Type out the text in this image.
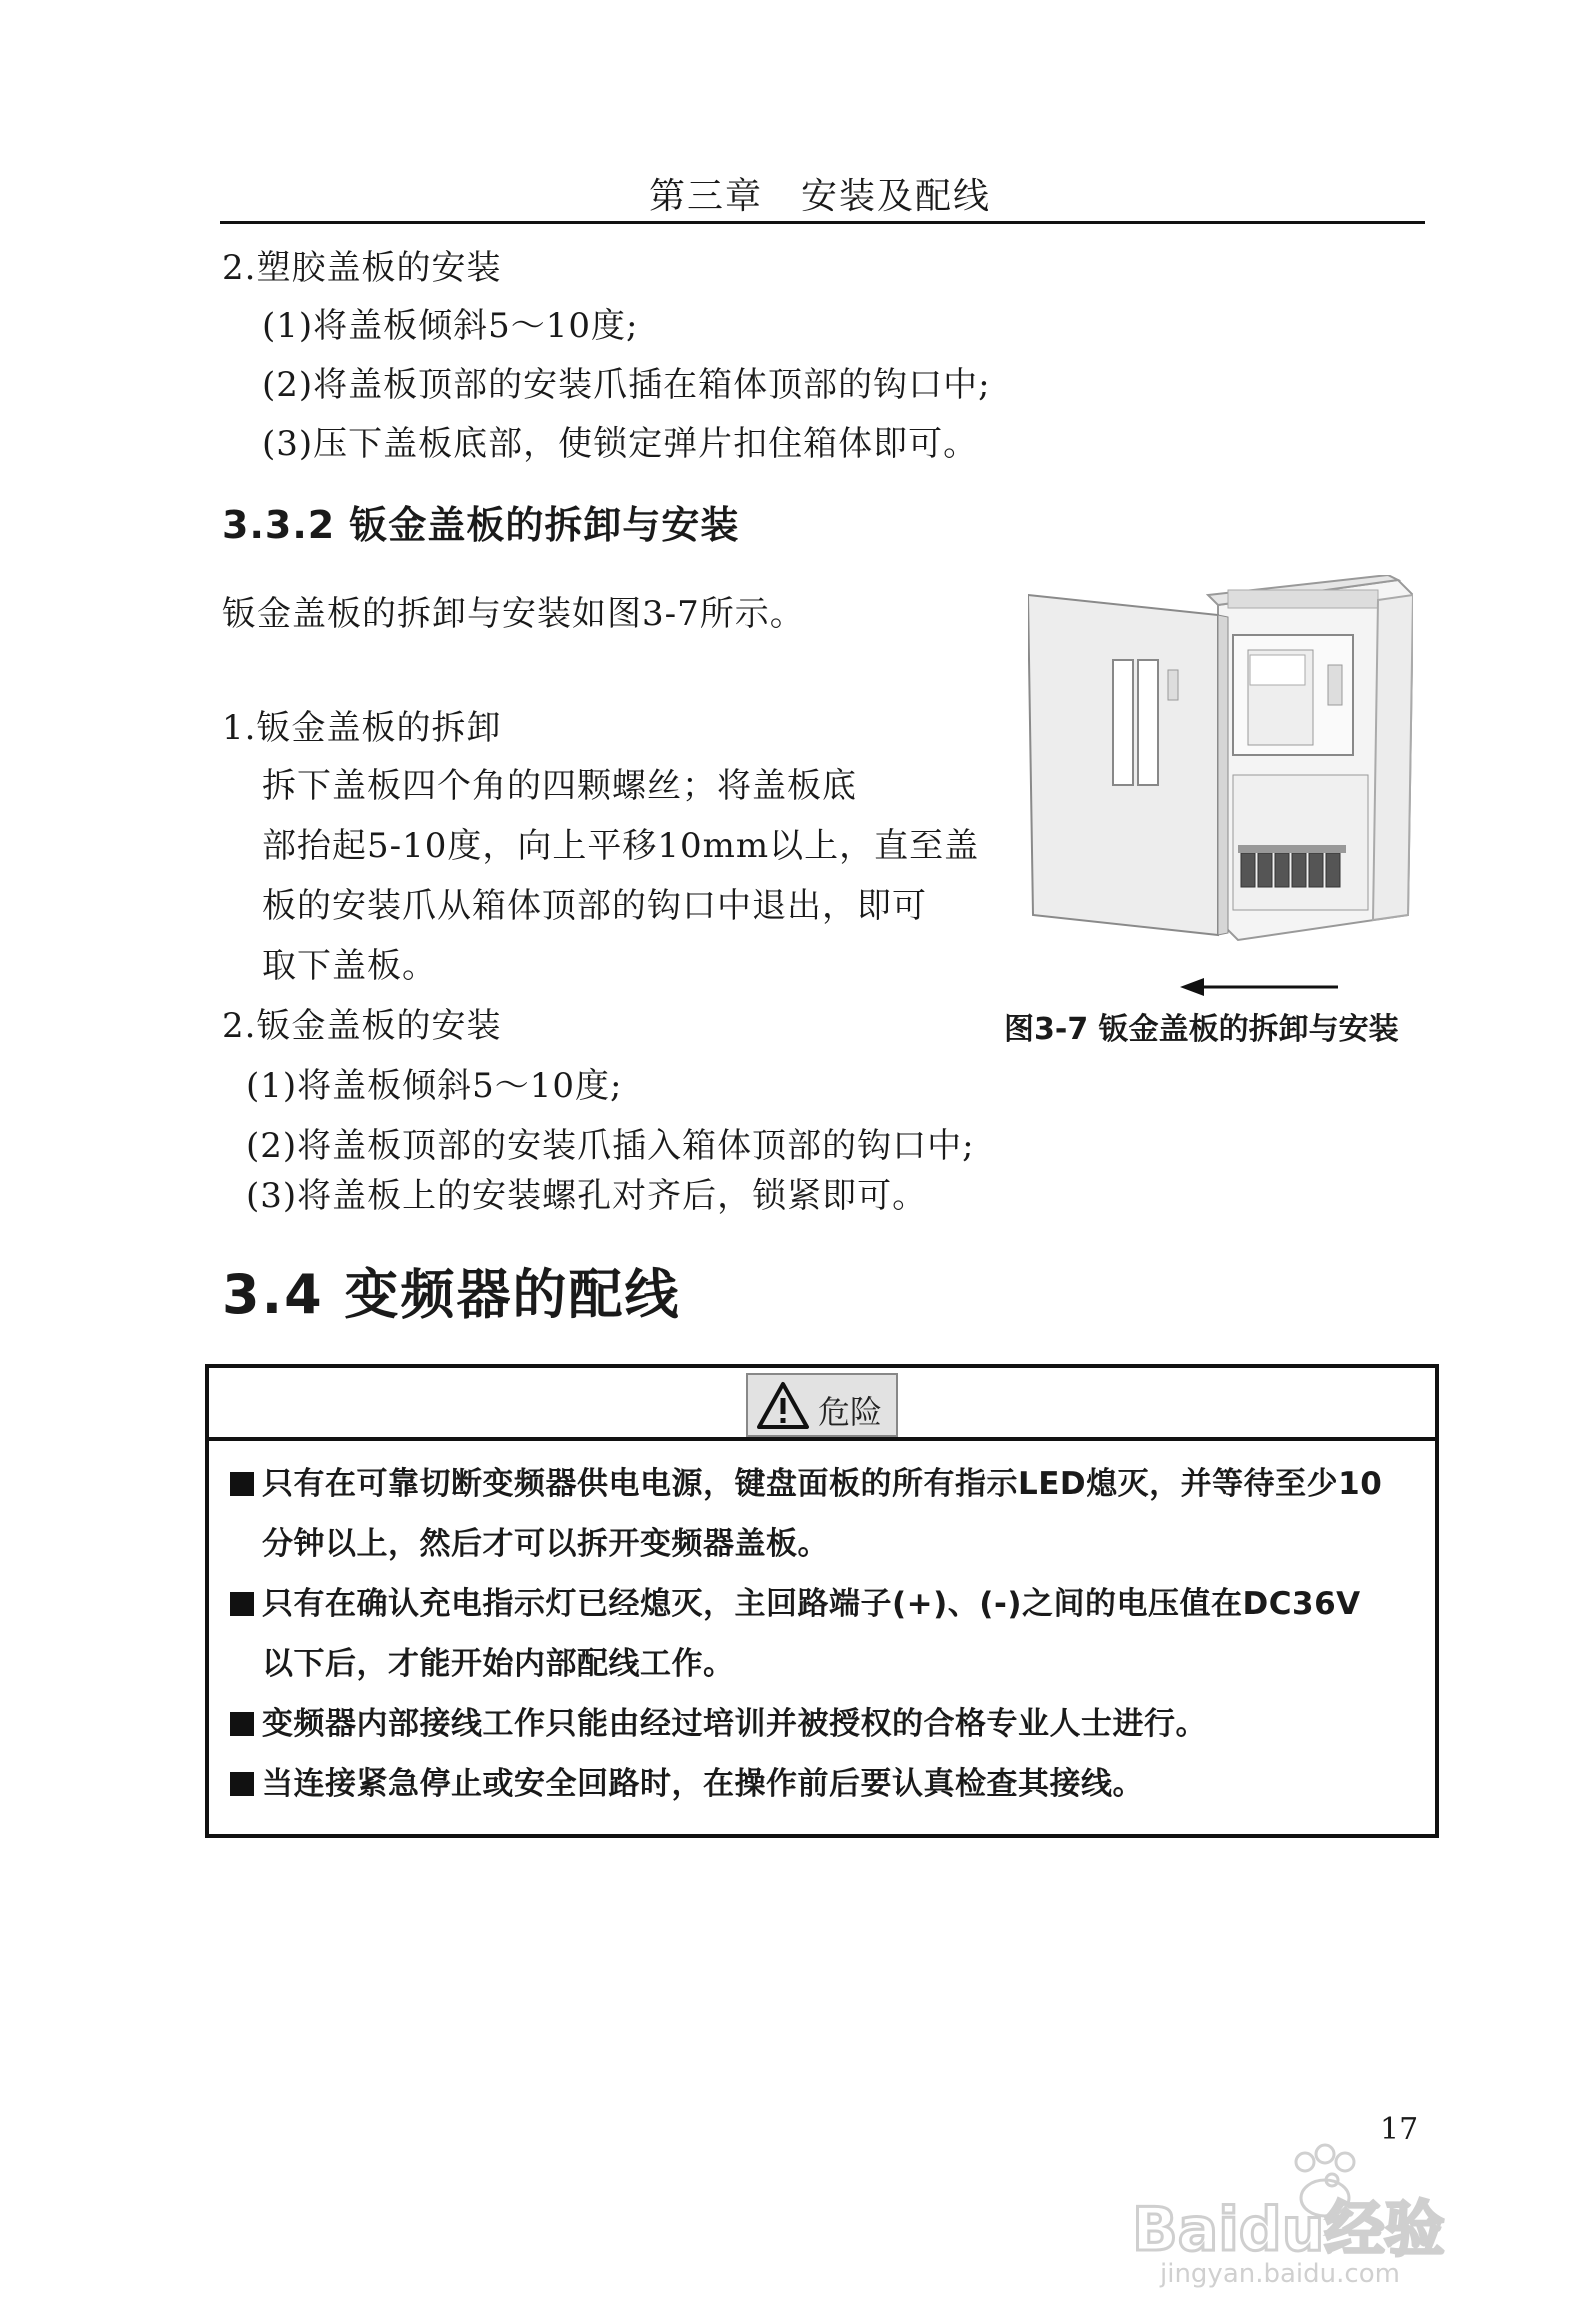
第三章　安装及配线
2.塑胶盖板的安装
(1)将盖板倾斜5～10度;
(2)将盖板顶部的安装爪插在箱体顶部的钩口中;
(3)压下盖板底部，使锁定弹片扣住箱体即可。
3.3.2 钣金盖板的拆卸与安装
钣金盖板的拆卸与安装如图3-7所示。
1.钣金盖板的拆卸
拆下盖板四个角的四颗螺丝；将盖板底
部抬起5-10度，向上平移10mm以上，直至盖
板的安装爪从箱体顶部的钩口中退出，即可
取下盖板。
2.钣金盖板的安装
(1)将盖板倾斜5～10度;
(2)将盖板顶部的安装爪插入箱体顶部的钩口中;
(3)将盖板上的安装螺孔对齐后，锁紧即可。
图3-7 钣金盖板的拆卸与安装
3.4 变频器的配线
危险
只有在可靠切断变频器供电电源，键盘面板的所有指示LED熄灭，并等待至少10
分钟以上，然后才可以拆开变频器盖板。
只有在确认充电指示灯已经熄灭，主回路端子(+)、(-)之间的电压值在DC36V
以下后，才能开始内部配线工作。
变频器内部接线工作只能由经过培训并被授权的合格专业人士进行。
当连接紧急停止或安全回路时，在操作前后要认真检查其接线。
17
Baidu经验
jingyan.baidu.com
